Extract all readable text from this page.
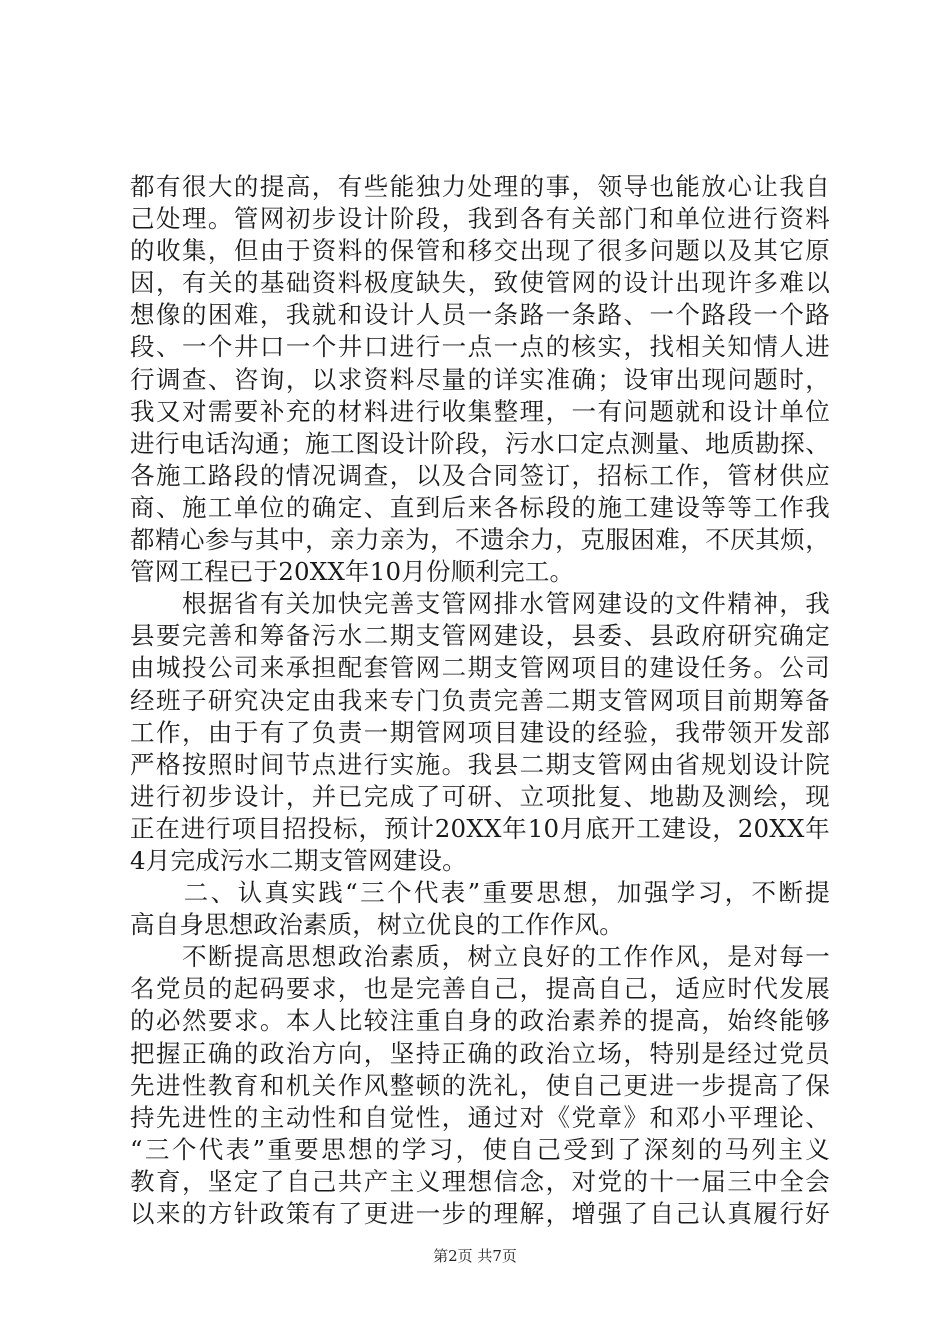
都有很大的提高，有些能独力处理的事，领导也能放心让我自
己处理。管网初步设计阶段，我到各有关部门和单位进行资料
的收集，但由于资料的保管和移交出现了很多问题以及其它原
因，有关的基础资料极度缺失，致使管网的设计出现许多难以
想像的困难，我就和设计人员一条路一条路、一个路段一个路
段、一个井口一个井口进行一点一点的核实，找相关知情人进
行调查、咨询，以求资料尽量的详实准确；设审出现问题时，
我又对需要补充的材料进行收集整理，一有问题就和设计单位
进行电话沟通；施工图设计阶段，污水口定点测量、地质勘探、
各施工路段的情况调查，以及合同签订，招标工作，管材供应
商、施工单位的确定、直到后来各标段的施工建设等等工作我
都精心参与其中，亲力亲为，不遗余力，克服困难，不厌其烦，
管网工程已于20XX年10月份顺利完工。
　　根据省有关加快完善支管网排水管网建设的文件精神，我
县要完善和筹备污水二期支管网建设，县委、县政府研究确定
由城投公司来承担配套管网二期支管网项目的建设任务。公司
经班子研究决定由我来专门负责完善二期支管网项目前期筹备
工作，由于有了负责一期管网项目建设的经验，我带领开发部
严格按照时间节点进行实施。我县二期支管网由省规划设计院
进行初步设计，并已完成了可研、立项批复、地勘及测绘，现
正在进行项目招投标，预计20XX年10月底开工建设，20XX年
4月完成污水二期支管网建设。
　　二、认真实践“三个代表”重要思想，加强学习，不断提
高自身思想政治素质，树立优良的工作作风。
　　不断提高思想政治素质，树立良好的工作作风，是对每一
名党员的起码要求，也是完善自己，提高自己，适应时代发展
的必然要求。本人比较注重自身的政治素养的提高，始终能够
把握正确的政治方向，坚持正确的政治立场，特别是经过党员
先进性教育和机关作风整顿的洗礼，使自己更进一步提高了保
持先进性的主动性和自觉性，通过对《党章》和邓小平理论、
“三个代表”重要思想的学习，使自己受到了深刻的马列主义
教育，坚定了自己共产主义理想信念，对党的十一届三中全会
以来的方针政策有了更进一步的理解，增强了自己认真履行好
第2页 共7页
